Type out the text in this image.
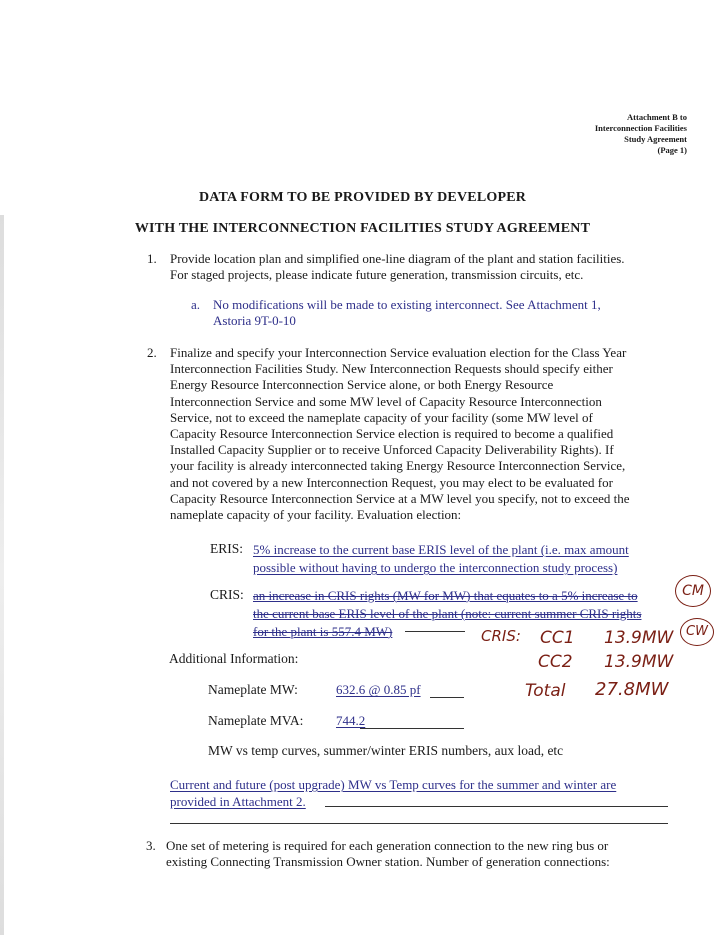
Attachment B to
Interconnection Facilities
Study Agreement
(Page 1)
DATA FORM TO BE PROVIDED BY DEVELOPER
WITH THE INTERCONNECTION FACILITIES STUDY AGREEMENT
1. Provide location plan and simplified one-line diagram of the plant and station facilities.
For staged projects, please indicate future generation, transmission circuits, etc.
a. No modifications will be made to existing interconnect. See Attachment 1,
Astoria 9T-0-10
2. Finalize and specify your Interconnection Service evaluation election for the Class Year
Interconnection Facilities Study. New Interconnection Requests should specify either
Energy Resource Interconnection Service alone, or both Energy Resource
Interconnection Service and some MW level of Capacity Resource Interconnection
Service, not to exceed the nameplate capacity of your facility (some MW level of
Capacity Resource Interconnection Service election is required to become a qualified
Installed Capacity Supplier or to receive Unforced Capacity Deliverability Rights). If
your facility is already interconnected taking Energy Resource Interconnection Service,
and not covered by a new Interconnection Request, you may elect to be evaluated for
Capacity Resource Interconnection Service at a MW level you specify, not to exceed the
nameplate capacity of your facility. Evaluation election:
ERIS: 5% increase to the current base ERIS level of the plant (i.e. max amount
possible without having to undergo the interconnection study process)
CRIS: an increase in CRIS rights (MW for MW) that equates to a 5% increase to
the current base ERIS level of the plant (note: current summer CRIS rights
for the plant is 557.4 MW)	CRIS: CC1 13.9MW
CC2 13.9MW
Total 27.8MW
CM
CW
Additional Information:
Nameplate MW:	632.6 @ 0.85 pf
Nameplate MVA:	744.2
MW vs temp curves, summer/winter ERIS numbers, aux load, etc
Current and future (post upgrade) MW vs Temp curves for the summer and winter are
provided in Attachment 2.
3. One set of metering is required for each generation connection to the new ring bus or
existing Connecting Transmission Owner station. Number of generation connections:
